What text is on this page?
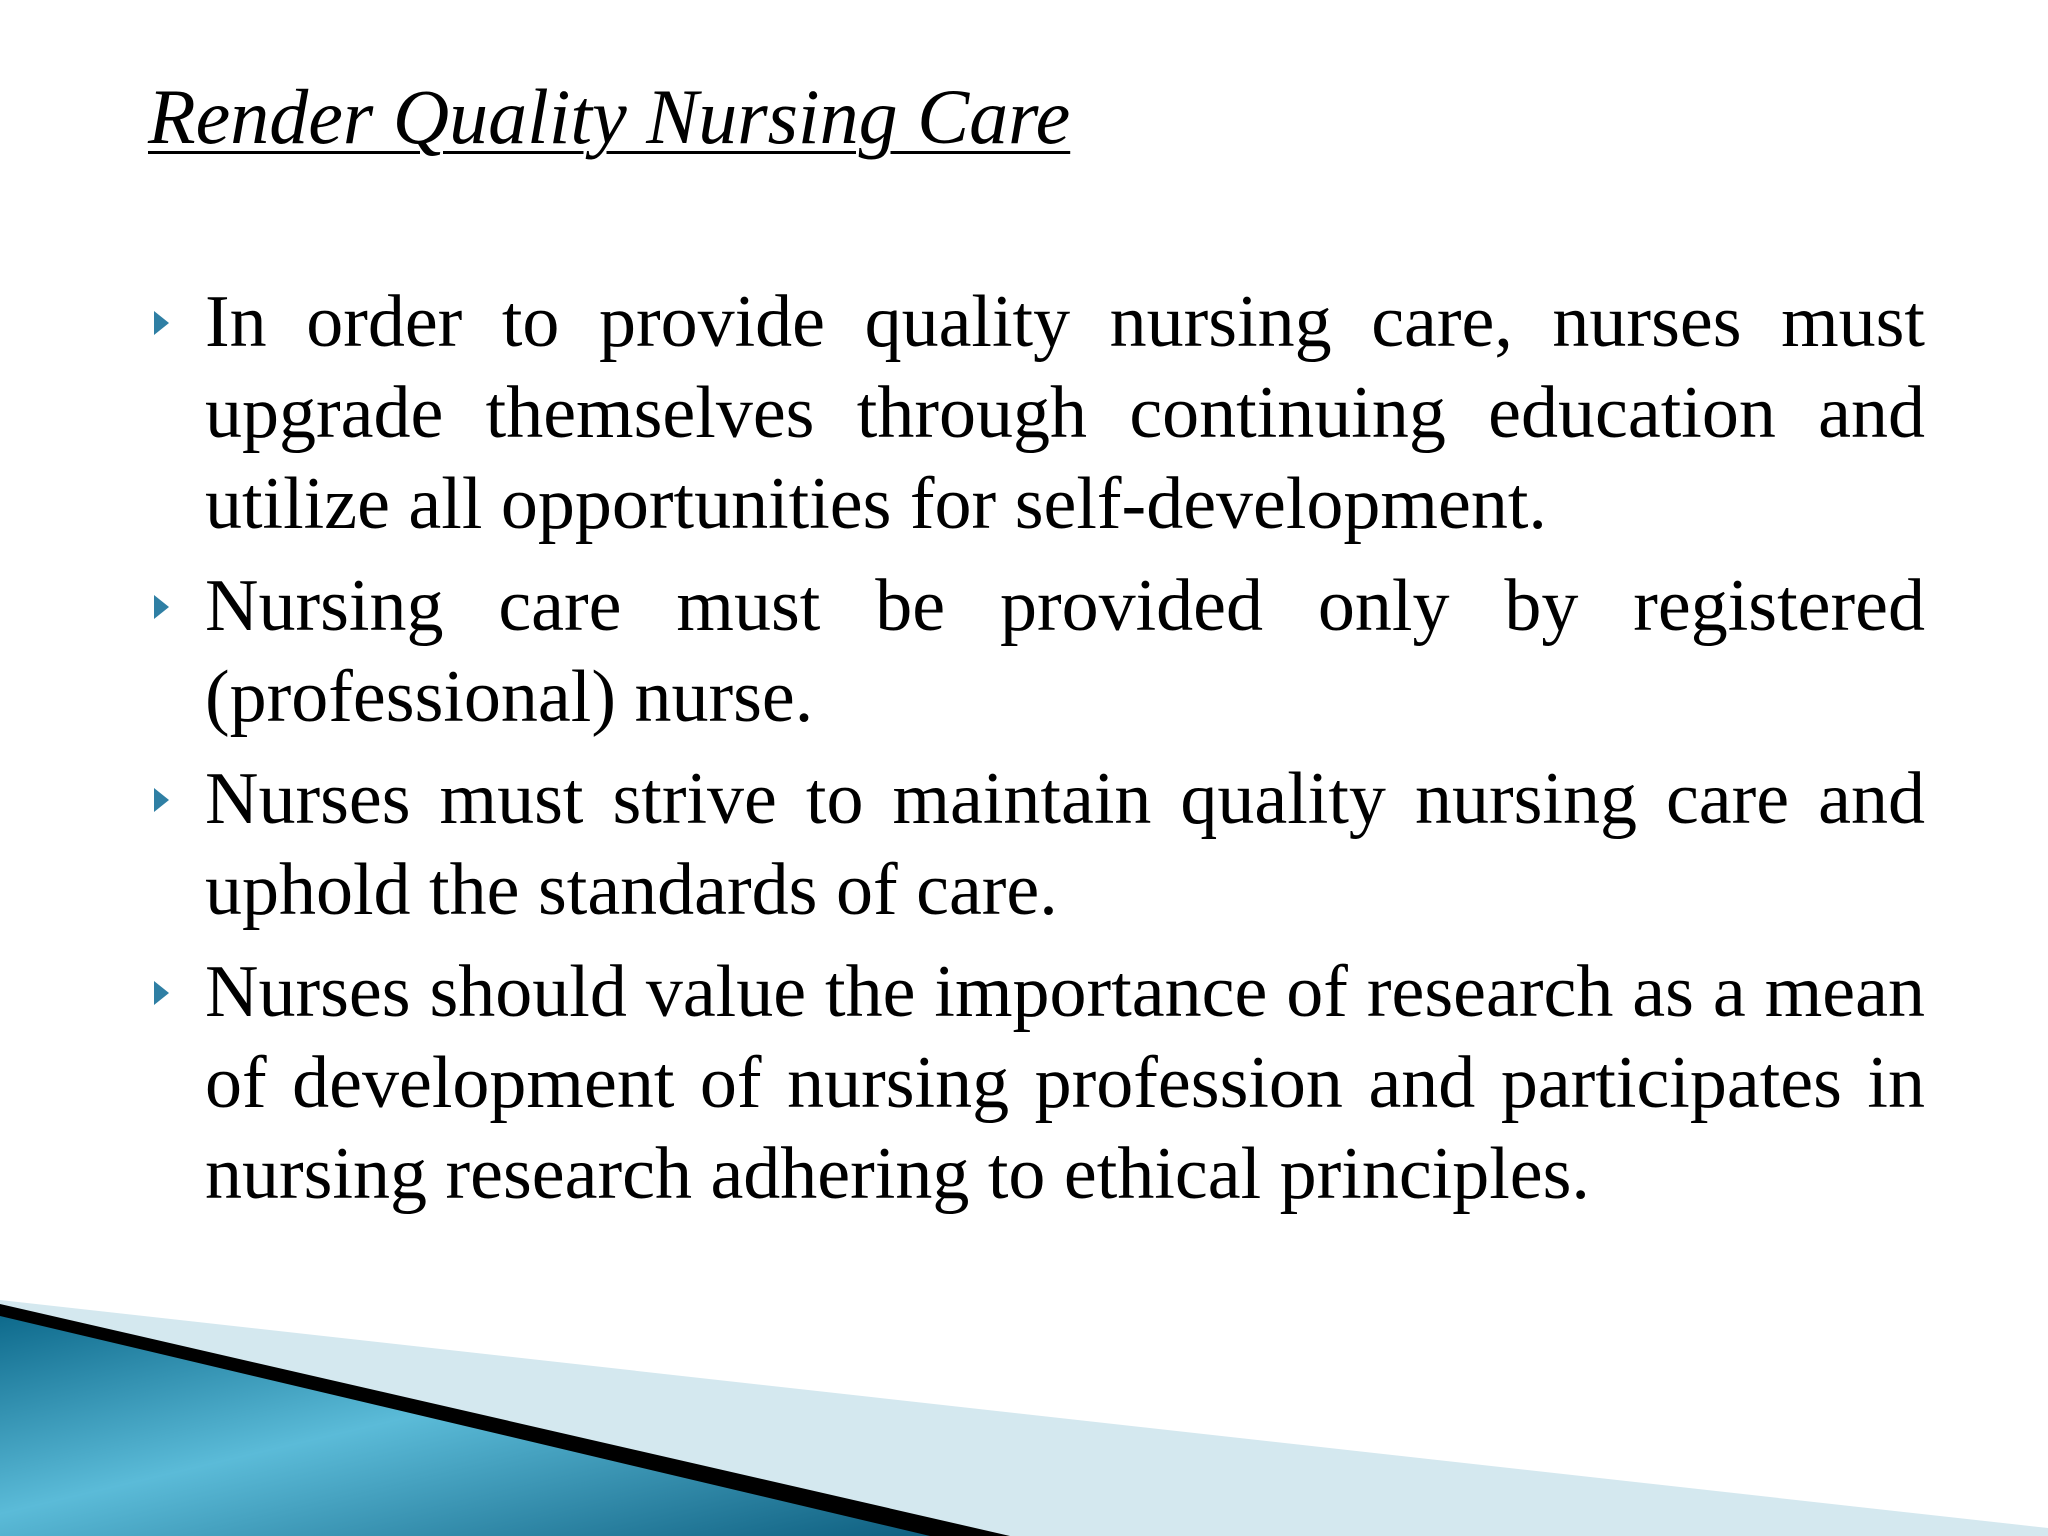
Render Quality Nursing Care
In order to provide quality nursing care, nurses must upgrade themselves through continuing education and utilize all opportunities for self-development.
Nursing care must be provided only by registered (professional) nurse.
Nurses must strive to maintain quality nursing care and uphold the standards of care.
Nurses should value the importance of research as a mean of development of nursing profession and participates in nursing research adhering to ethical principles.
